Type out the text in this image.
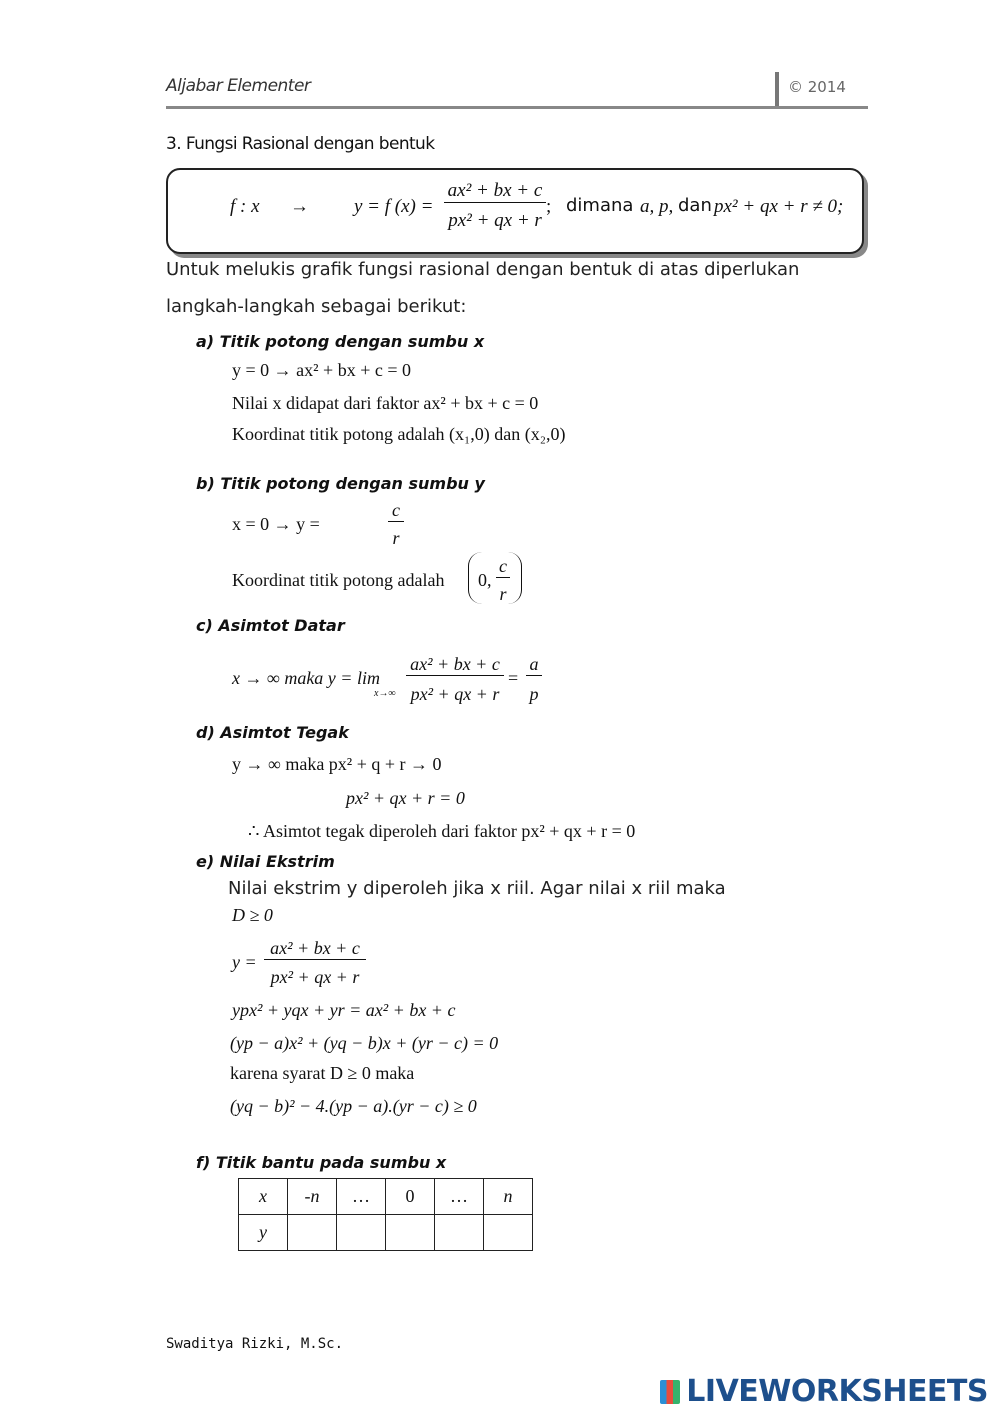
Aljabar Elementer	© 2014
3. Fungsi Rasional dengan bentuk
f : x → y = f (x) =
ax² + bx + c
px² + qx + r
; dimana a, p, dan px² + qx + r ≠ 0;
Untuk melukis grafik fungsi rasional dengan bentuk di atas diperlukan
langkah-langkah sebagai berikut:
a) Titik potong dengan sumbu x
y = 0 → ax² + bx + c = 0
Nilai x didapat dari faktor ax² + bx + c = 0
Koordinat titik potong adalah (x₁,0) dan (x₂,0)
b) Titik potong dengan sumbu y
x = 0 → y =
c
r
Koordinat titik potong adalah 0,
c
r
c) Asimtot Datar
x → ∞ maka y = lim
x→∞
ax² + bx + c
px² + qx + r
=
a
p
d) Asimtot Tegak
y → ∞ maka px² + q + r → 0
px² + qx + r = 0
∴ Asimtot tegak diperoleh dari faktor px² + qx + r = 0
e) Nilai Ekstrim
Nilai ekstrim y diperoleh jika x riil. Agar nilai x riil maka
D ≥ 0
y =
ax² + bx + c
px² + qx + r
ypx² + yqx + yr = ax² + bx + c
(yp − a)x² + (yq − b)x + (yr − c) = 0
karena syarat D ≥ 0 maka
(yq − b)² − 4.(yp − a).(yr − c) ≥ 0
f) Titik bantu pada sumbu x
x	-n	…	0	…	n
y					
Swaditya Rizki, M.Sc.
LIVEWORKSHEETS
